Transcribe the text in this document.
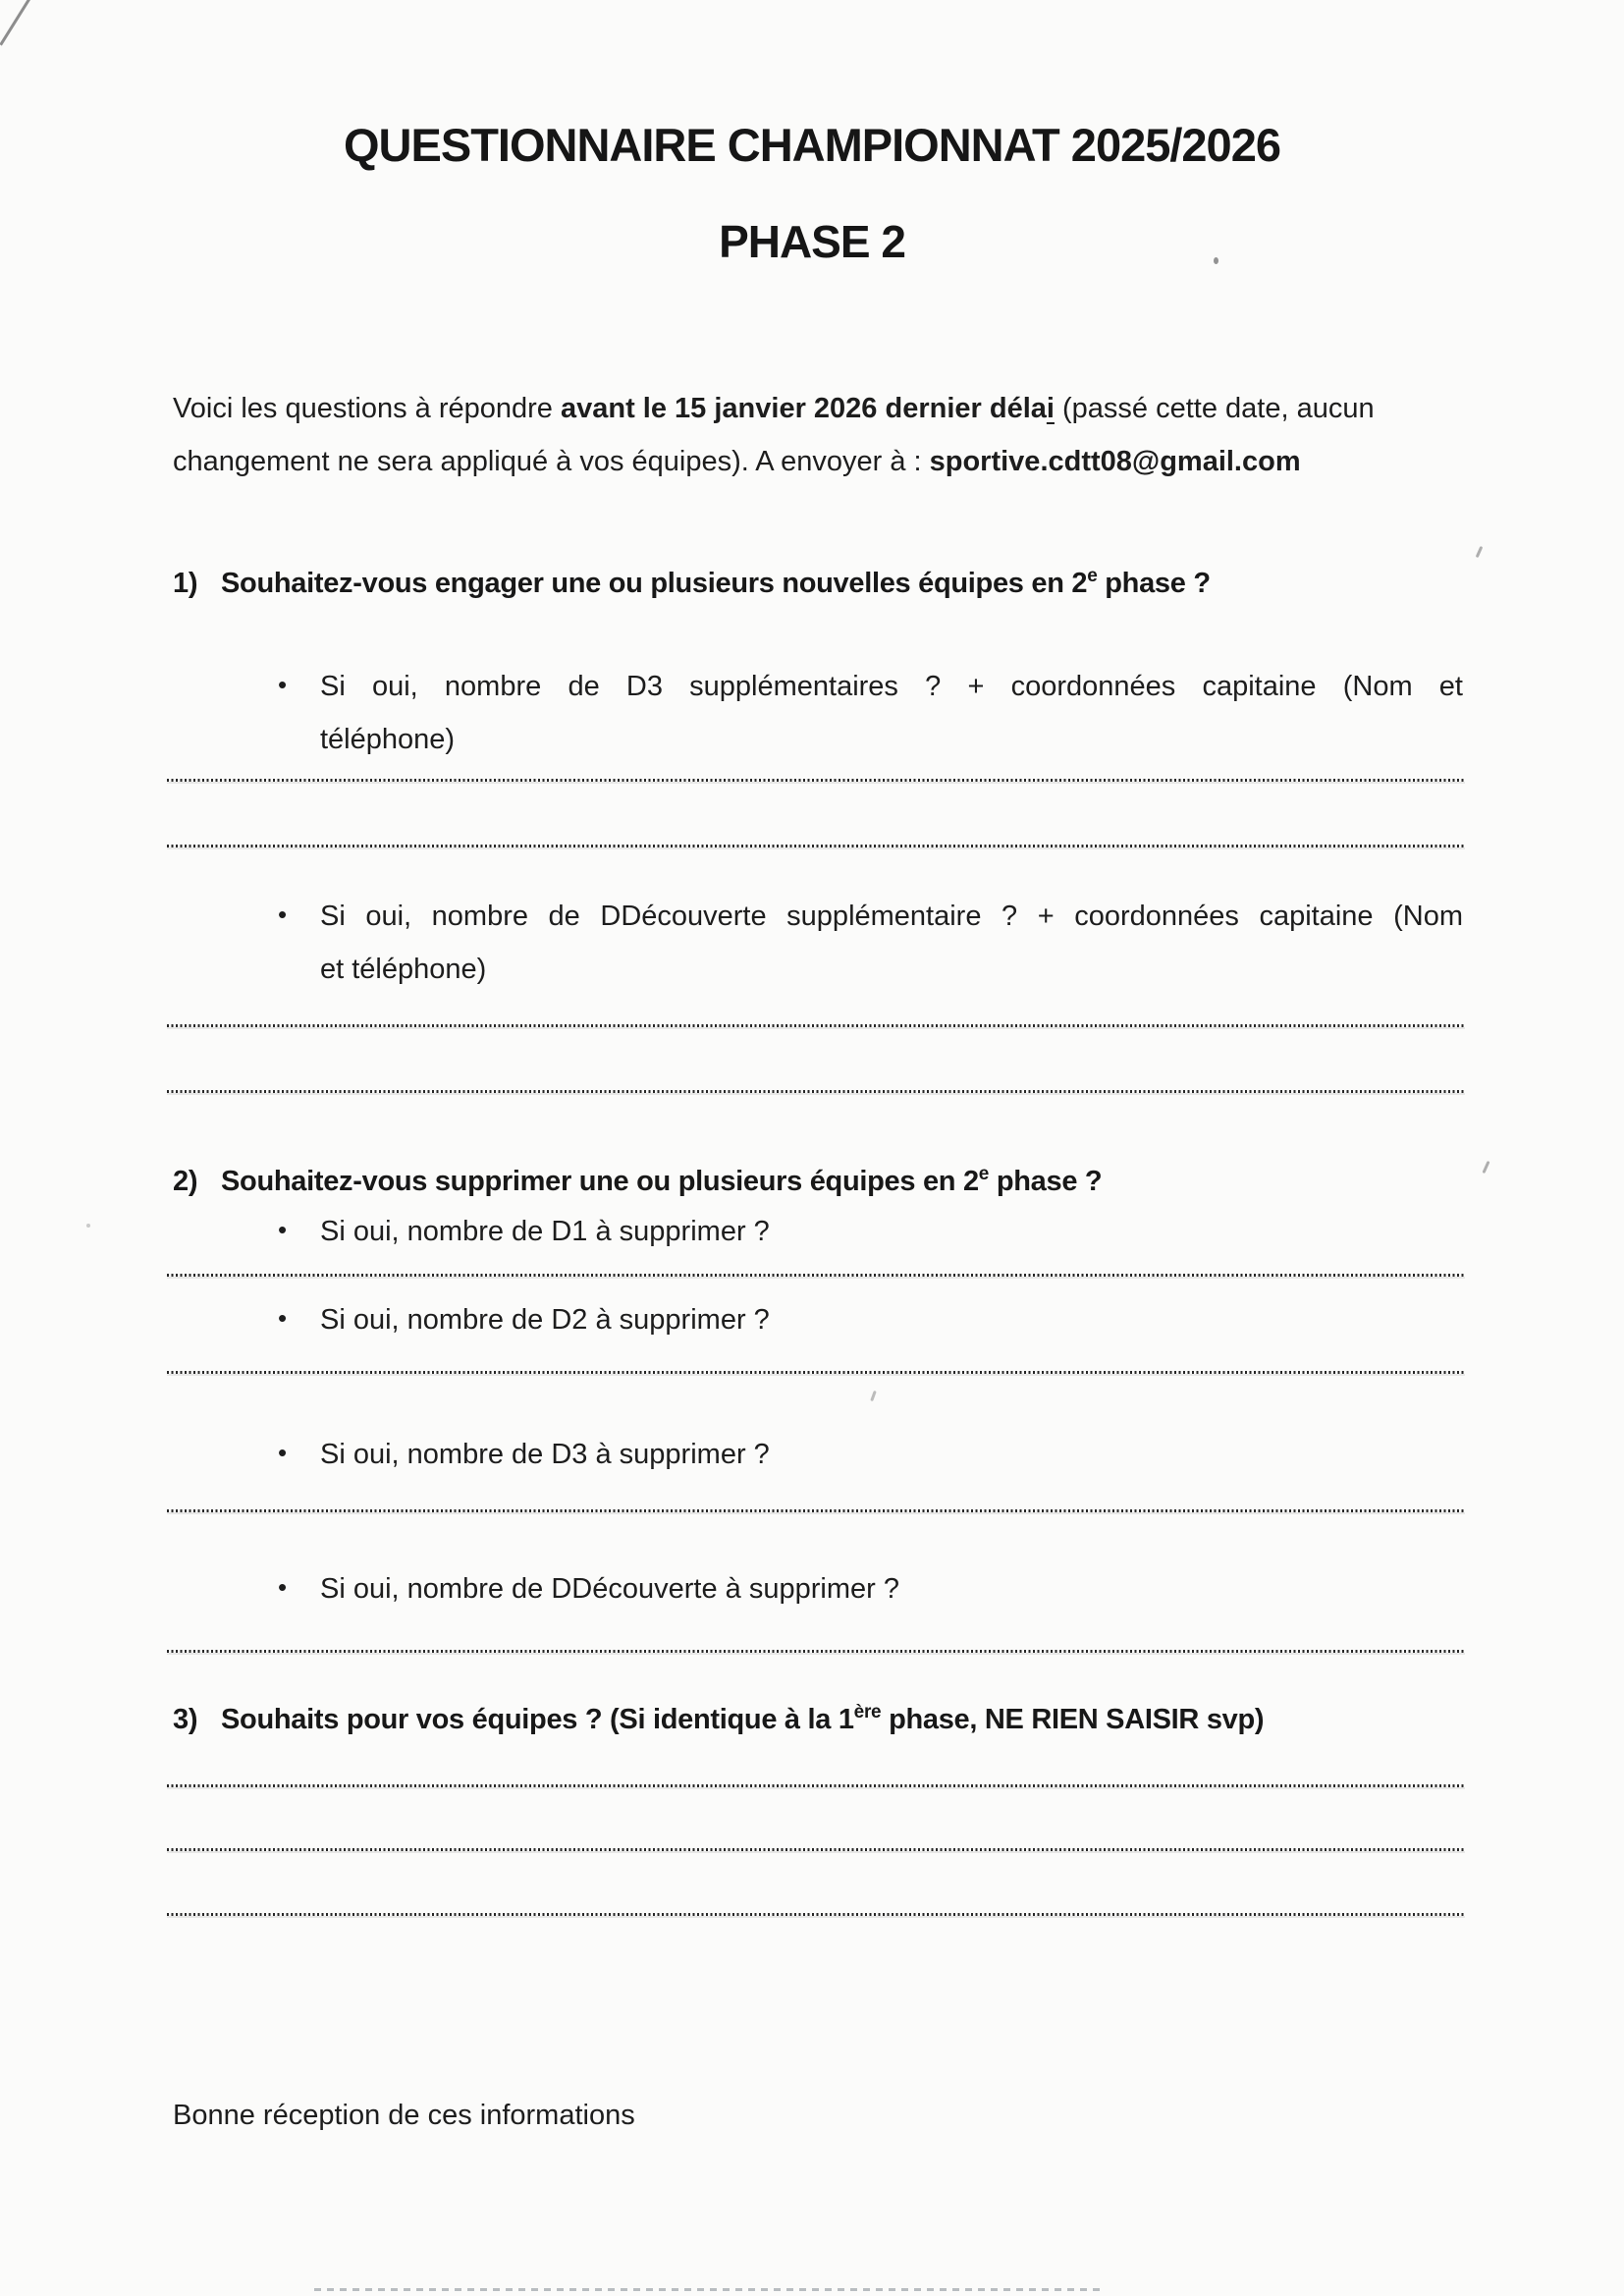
QUESTIONNAIRE CHAMPIONNAT 2025/2026
PHASE 2
Voici les questions à répondre avant le 15 janvier 2026 dernier délai (passé cette date, aucun
changement ne sera appliqué à vos équipes). A envoyer à : sportive.cdtt08@gmail.com
1) Souhaitez-vous engager une ou plusieurs nouvelles équipes en 2e phase ?
• Si oui, nombre de D3 supplémentaires ? + coordonnées capitaine (Nom et
téléphone)
• Si oui, nombre de DDécouverte supplémentaire ? + coordonnées capitaine (Nom
et téléphone)
2) Souhaitez-vous supprimer une ou plusieurs équipes en 2e phase ?
• Si oui, nombre de D1 à supprimer ?
• Si oui, nombre de D2 à supprimer ?
• Si oui, nombre de D3 à supprimer ?
• Si oui, nombre de DDécouverte à supprimer ?
3) Souhaits pour vos équipes ? (Si identique à la 1ère phase, NE RIEN SAISIR svp)
Bonne réception de ces informations
